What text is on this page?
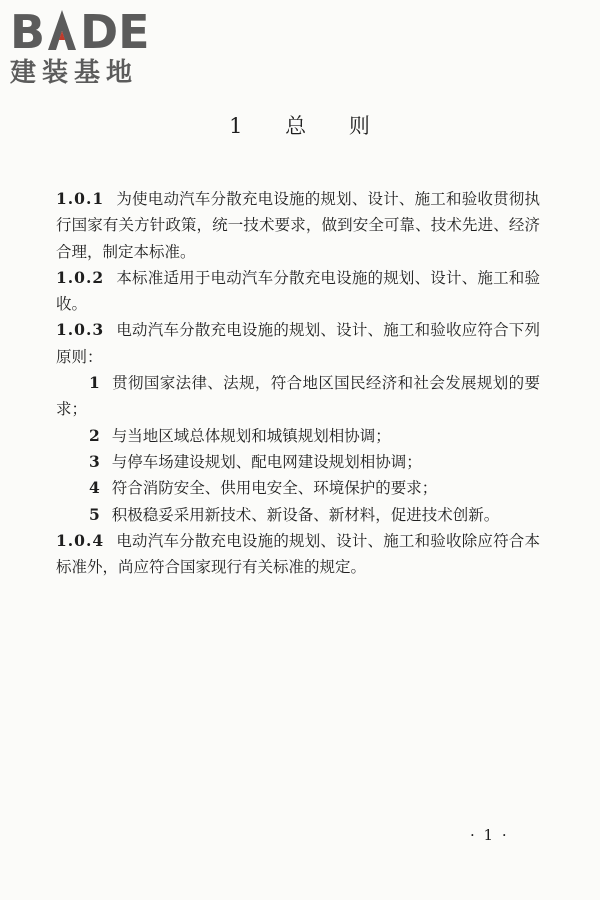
B DE
建装基地
1 总 则

1.0.1 为使电动汽车分散充电设施的规划、设计、施工和验收贯彻执行国家有关方针政策，统一技术要求，做到安全可靠、技术先进、经济合理，制定本标准。

1.0.2 本标准适用于电动汽车分散充电设施的规划、设计、施工和验收。

1.0.3 电动汽车分散充电设施的规划、设计、施工和验收应符合下列原则：

1 贯彻国家法律、法规，符合地区国民经济和社会发展规划的要求；

2 与当地区域总体规划和城镇规划相协调；

3 与停车场建设规划、配电网建设规划相协调；

4 符合消防安全、供用电安全、环境保护的要求；

5 积极稳妥采用新技术、新设备、新材料，促进技术创新。

1.0.4 电动汽车分散充电设施的规划、设计、施工和验收除应符合本标准外，尚应符合国家现行有关标准的规定。

· 1 ·
